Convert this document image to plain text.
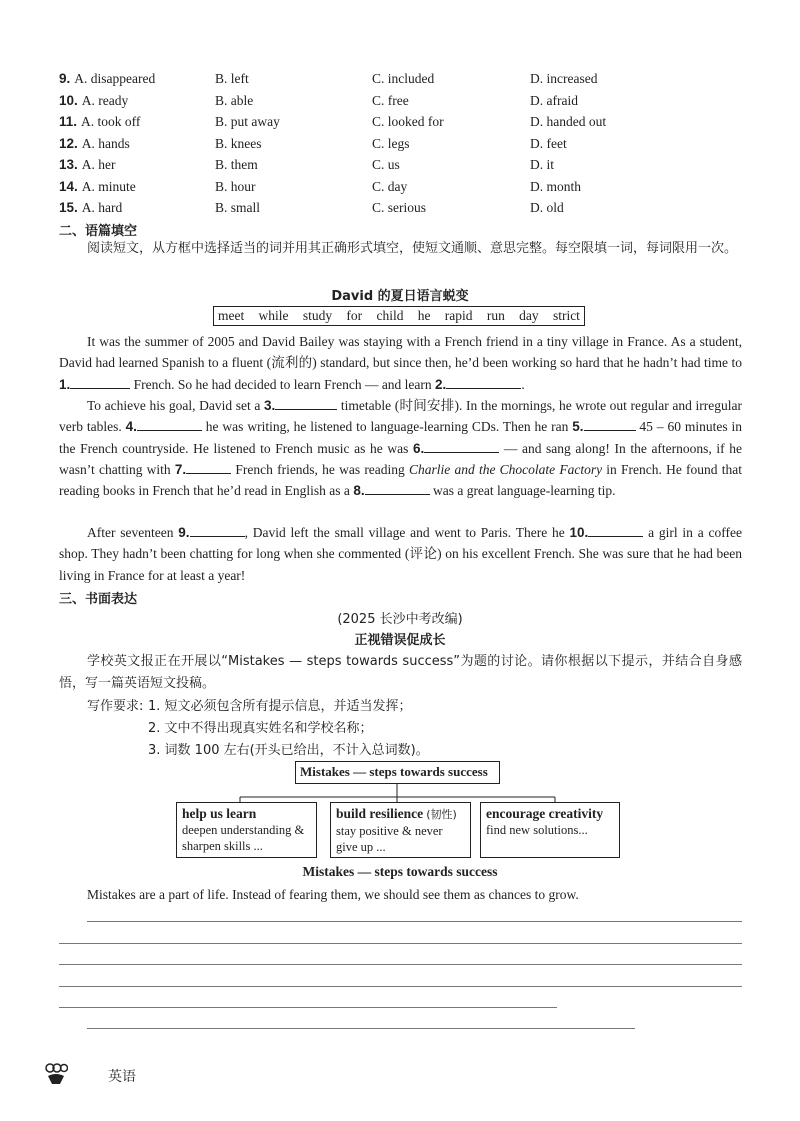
9. A. disappeared	B. left	C. included	D. increased
10. A. ready	B. able	C. free	D. afraid
11. A. took off	B. put away	C. looked for	D. handed out
12. A. hands	B. knees	C. legs	D. feet
13. A. her	B. them	C. us	D. it
14. A. minute	B. hour	C. day	D. month
15. A. hard	B. small	C. serious	D. old
二、语篇填空
阅读短文，从方框中选择适当的词并用其正确形式填空，使短文通顺、意思完整。每空限填一词，每词限用一次。
David 的夏日语言蜕变
meet while study for child he rapid run day strict
It was the summer of 2005 and David Bailey was staying with a French friend in a tiny village in France. As a student, David had learned Spanish to a fluent (流利的) standard, but since then, he’d been working so hard that he hadn’t had time to 1.	French. So he had decided to learn French — and learn 2.	.
To achieve his goal, David set a 3.	timetable (时间安排). In the mornings, he wrote out regular and irregular verb tables. 4.	he was writing, he listened to language-learning CDs. Then he ran 5.	45 – 60 minutes in the French countryside. He listened to French music as he was 6.	— and sang along! In the afternoons, if he wasn’t chatting with 7.	French friends, he was reading Charlie and the Chocolate Factory in French. He found that reading books in French that he’d read in English as a 8.	was a great language-learning tip.
After seventeen 9.	, David left the small village and went to Paris. There he 10.	a girl in a coffee shop. They hadn’t been chatting for long when she commented (评论) on his excellent French. She was sure that he had been living in France for at least a year!
三、书面表达
(2025 长沙中考改编)
正视错误促成长
学校英文报正在开展以“Mistakes — steps towards success”为题的讨论。请你根据以下提示，并结合自身感悟，写一篇英语短文投稿。
写作要求: 1. 短文必须包含所有提示信息，并适当发挥；
2. 文中不得出现真实姓名和学校名称；
3. 词数 100 左右(开头已给出，不计入总词数)。
Mistakes — steps towards success
help us learn
deepen understanding & sharpen skills ...
build resilience (韧性)
stay positive & never give up ...
encourage creativity
find new solutions...
Mistakes — steps towards success
Mistakes are a part of life. Instead of fearing them, we should see them as chances to grow.
英语
